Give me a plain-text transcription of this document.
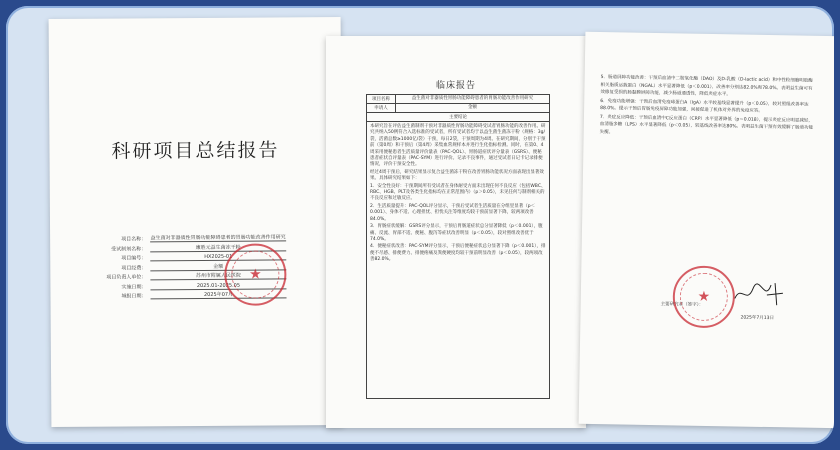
科研项目总结报告
项目名称： 益生菌对非器质性胃肠功能障碍患者的胃肠功能改善作用研究
受试制剂名称：	康胜元益生菌冻干粉
项目编号：	HX2025-01
项目经费：	金额
项目负责人单位：	苏州市附属人民医院
实施日期：	2025.01-2025.05
城报日期：	2025年07月
★
临床报告
项目名称	益生菌对非器质性胃肠功能障碍患者的胃肠功能改善作用研究
申请人	金额
主要结论

本研究旨在评估益生菌制剂干预对非器质性胃肠功能障碍受试者胃肠功能的改善作用。研究共纳入50例符合入选标准的受试者，所有受试者均于以益生菌生菌冻干粉（规格：3g/袋，活菌总数≥1000亿/袋）干预，每日2袋，干预周期为4周。在研究期间，分别于干预前（第0周）和干预后（第4周）采集血常规样本并进行生化指标检测。同时，在第0、4周采用便秘患者生活质量评价量表（PAC-QOL）、胃肠道症状评分量表（GSRS）、便秘患者症状自评量表（PAC-SYM）进行评价。记录不良事件，通过受试者日记卡记录排便情况，评价干预安全性。

经过4周干预后，研究结果显示复合益生菌冻干粉在改善胃肠功能状况方面表现出显著效果。具体研究结果如下：

1．安全性良好：干预期间所有受试者在身体耐受方面未出现任何不良反应（包括WBC、RBC、HGB、PLT及各类生化指标均在正常范围内）（p＞0.05），未见任何与制剂相关的不良反应和过敏反应。

2．生活质量提升：PAC-QOL评分显示，干预后受试者生活质量在分组里显著（p＜0.001）、身体不适、心理担忧、担忧关注等维度均较干预前显著下降，较两项改善84.0%。

3．胃肠症状缓解：GSRS评分显示，干预后胃肠道症状总分显著降低（p＜0.001），腹痛、反流、胃部不适、便秘、腹泻等症状改善明显（p＜0.05），较对照组改善优于74.0%。

4．便秘症状改善：PAC-SYM评分显示，干预后便秘症状总分显著下降（p＜0.001），排便不尽感、排便费力、排便疼痛及粪便硬度均较干预前明显改善（p＜0.05），较两项改善82.0%。

5．肠道屏障功能改善：干预后血清中二胺氧化酶（DAO）及D-乳酸（D-lactic acid）和中性粒细胞明胶酶相关脂质运载蛋白（NGAL）水平显著降低（p＜0.001），改善率分别达82.0%和78.0%。表明益生菌可有效修复受损的肠黏膜屏障功能，减少肠道通透性，降低炎症水平。

6．免疫功能增强：干预后血清免疫球蛋白A（IgA）水平较基线显著提升（p＜0.05），较对照组改善率达88.0%。提示干预后胃肠免疫屏障功能加强，间接促进了机体对外界的免疫应答。

7．炎症反应降低：干预后血清中C反应蛋白（CRP）水平显著降低（p＝0.018），提示炎症反应明显减轻，血清脂多糖（LPS）水平显著降低（p＜0.05），较基线改善率达80%。表明益生菌干预有效缓解了肠道功能失衡。

主要研究者（签字）：
★
2025年7月13日
